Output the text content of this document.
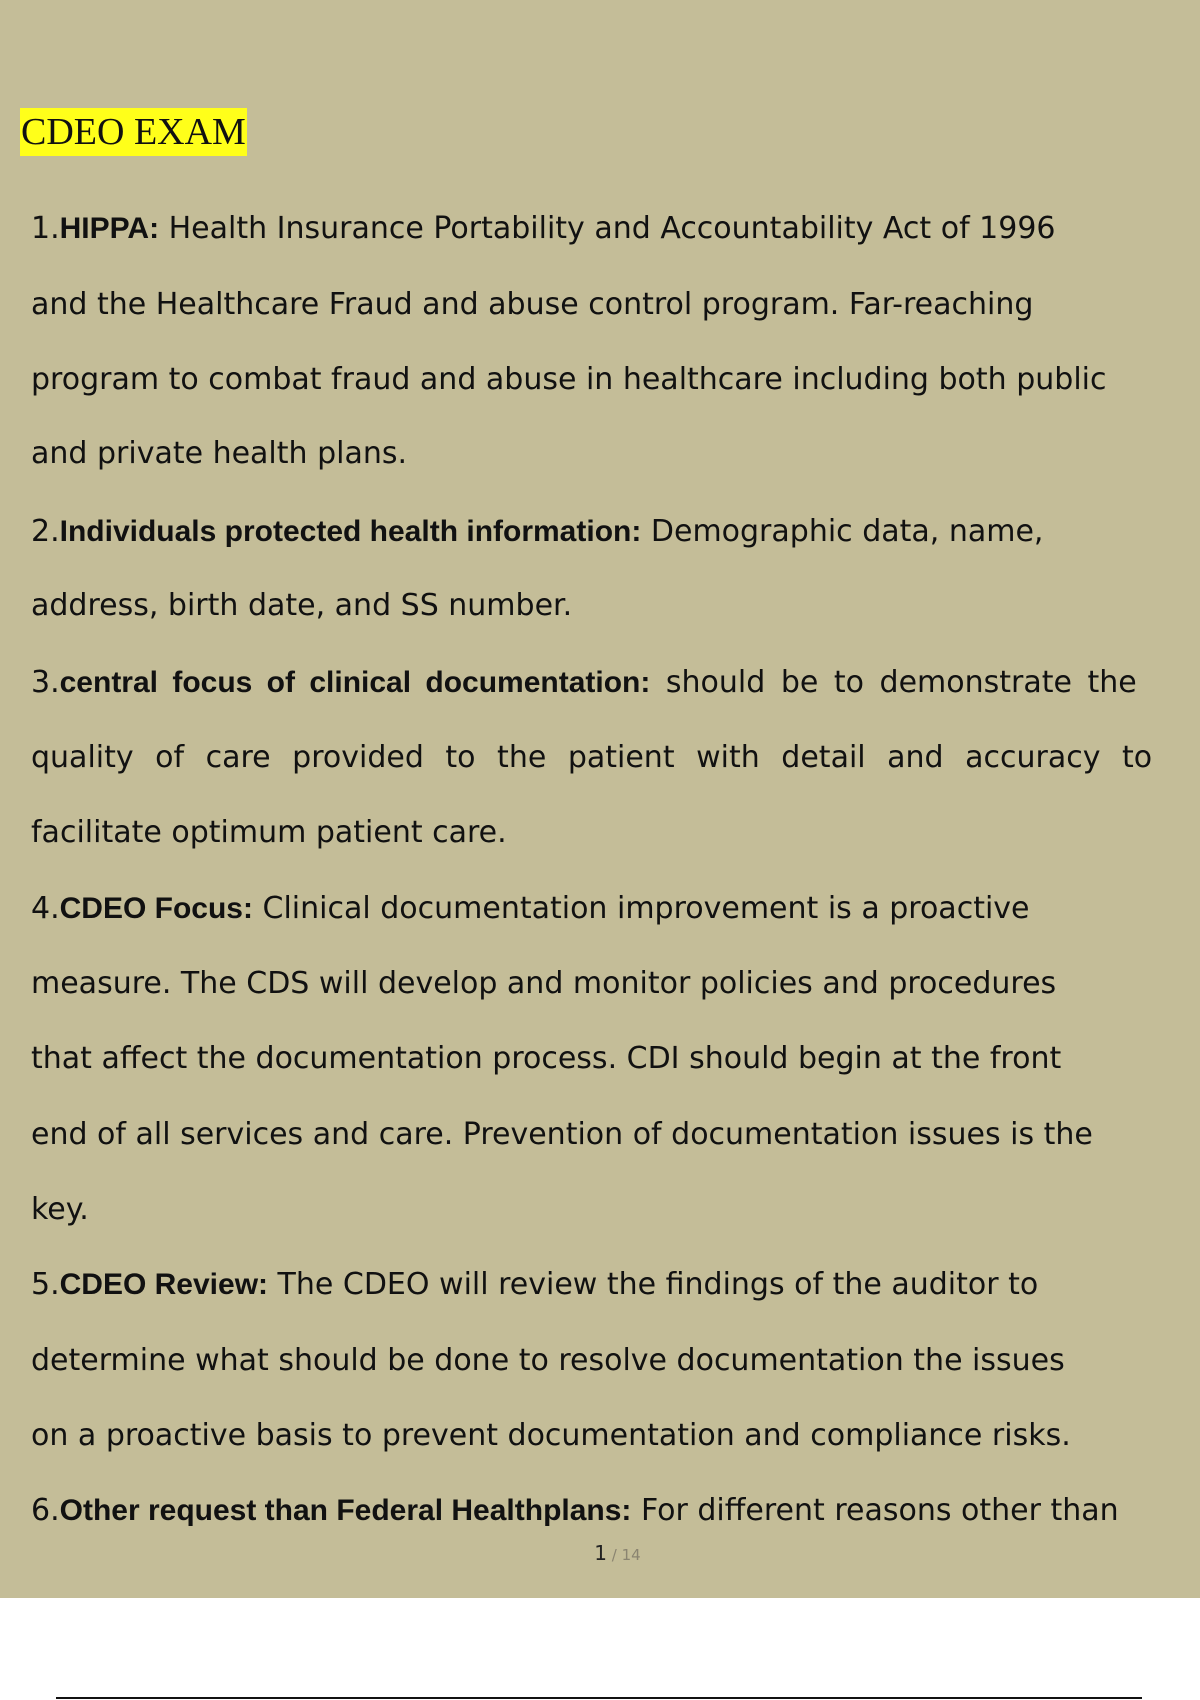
CDEO EXAM
1.HIPPA: Health Insurance Portability and Accountability Act of 1996
and the Healthcare Fraud and abuse control program. Far-reaching
program to combat fraud and abuse in healthcare including both public
and private health plans.
2.Individuals protected health information: Demographic data, name,
address, birth date, and SS number.
3.central focus of clinical documentation: should be to demonstrate the
quality of care provided to the patient with detail and accuracy to
facilitate optimum patient care.
4.CDEO Focus: Clinical documentation improvement is a proactive
measure. The CDS will develop and monitor policies and procedures
that affect the documentation process. CDI should begin at the front
end of all services and care. Prevention of documentation issues is the
key.
5.CDEO Review: The CDEO will review the findings of the auditor to
determine what should be done to resolve documentation the issues
on a proactive basis to prevent documentation and compliance risks.
6.Other request than Federal Healthplans: For different reasons other than
1 / 14
